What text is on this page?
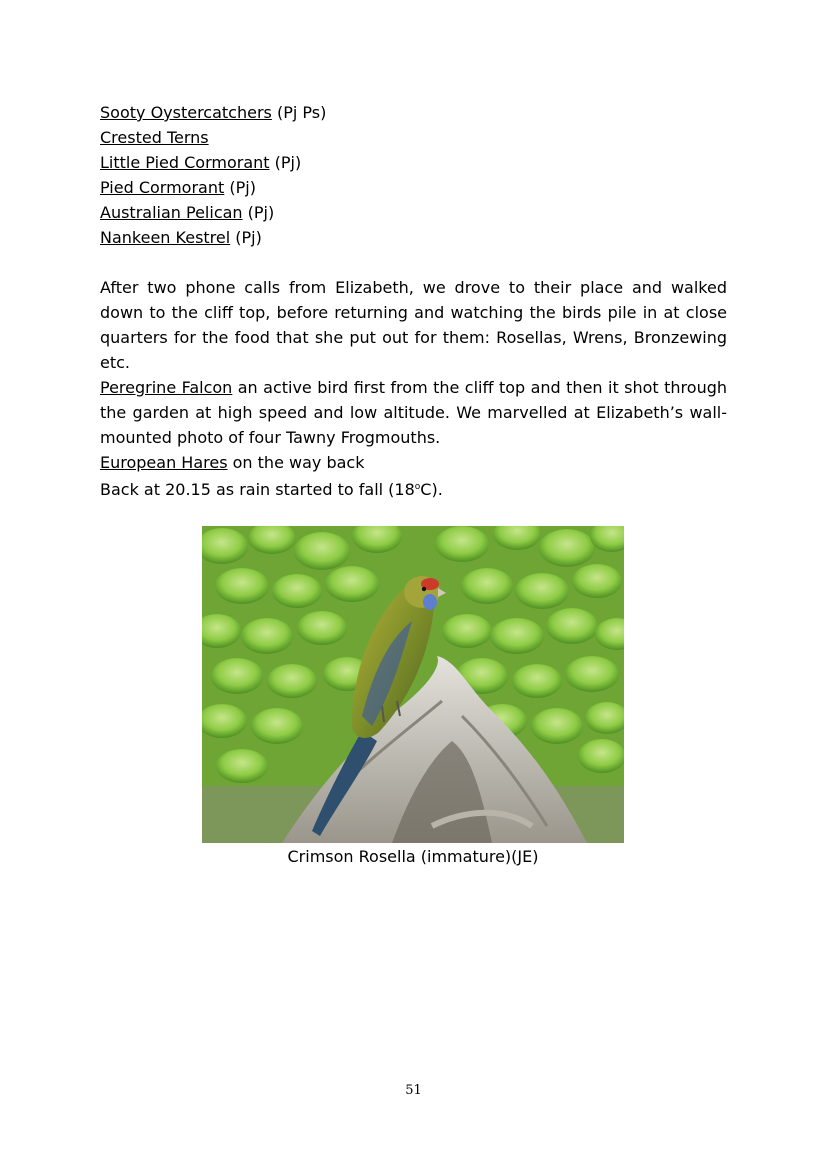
Sooty Oystercatchers (Pj Ps)
Crested Terns
Little Pied Cormorant (Pj)
Pied Cormorant (Pj)
Australian Pelican (Pj)
Nankeen Kestrel (Pj)

After two phone calls from Elizabeth, we drove to their place and walked down to the cliff top, before returning and watching the birds pile in at close quarters for the food that she put out for them: Rosellas, Wrens, Bronzewing etc.

Peregrine Falcon an active bird first from the cliff top and then it shot through the garden at high speed and low altitude. We marvelled at Elizabeth’s wall-mounted photo of four Tawny Frogmouths.

European Hares on the way back

Back at 20.15 as rain started to fall (18$^o$C).

Crimson Rosella (immature)(JE)
51
